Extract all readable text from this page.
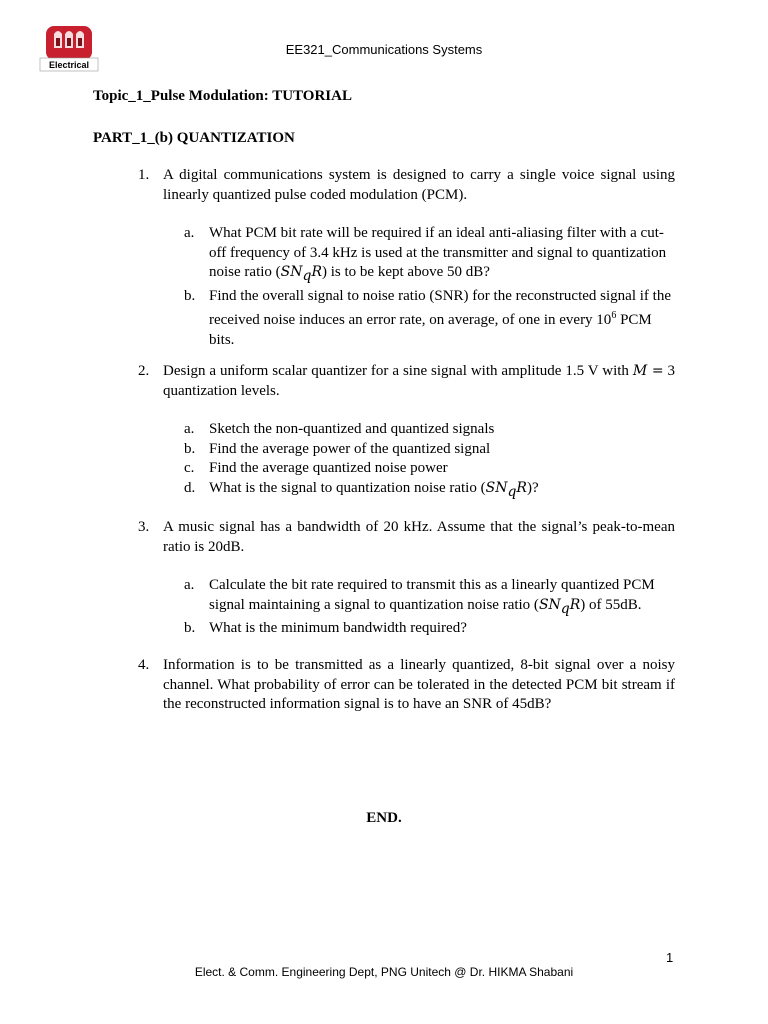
Electrical
EE321_Communications Systems
Topic_1_Pulse Modulation: TUTORIAL
PART_1_(b) QUANTIZATION
1. A digital communications system is designed to carry a single voice signal using linearly quantized pulse coded modulation (PCM).
a. What PCM bit rate will be required if an ideal anti-aliasing filter with a cut-off frequency of 3.4 kHz is used at the transmitter and signal to quantization noise ratio $(SN_qR)$ is to be kept above 50 dB?
b. Find the overall signal to noise ratio (SNR) for the reconstructed signal if the received noise induces an error rate, on average, of one in every $10^6$ PCM bits.
2. Design a uniform scalar quantizer for a sine signal with amplitude 1.5 V with M = 3 quantization levels.
a. Sketch the non-quantized and quantized signals
b. Find the average power of the quantized signal
c. Find the average quantized noise power
d. What is the signal to quantization noise ratio $(SN_qR)$?
3. A music signal has a bandwidth of 20 kHz. Assume that the signal’s peak-to-mean ratio is 20dB.
a. Calculate the bit rate required to transmit this as a linearly quantized PCM signal maintaining a signal to quantization noise ratio $(SN_qR)$ of 55dB.
b. What is the minimum bandwidth required?
4. Information is to be transmitted as a linearly quantized, 8-bit signal over a noisy channel. What probability of error can be tolerated in the detected PCM bit stream if the reconstructed information signal is to have an SNR of 45dB?
END.
1
Elect. & Comm. Engineering Dept, PNG Unitech @ Dr. HIKMA Shabani
